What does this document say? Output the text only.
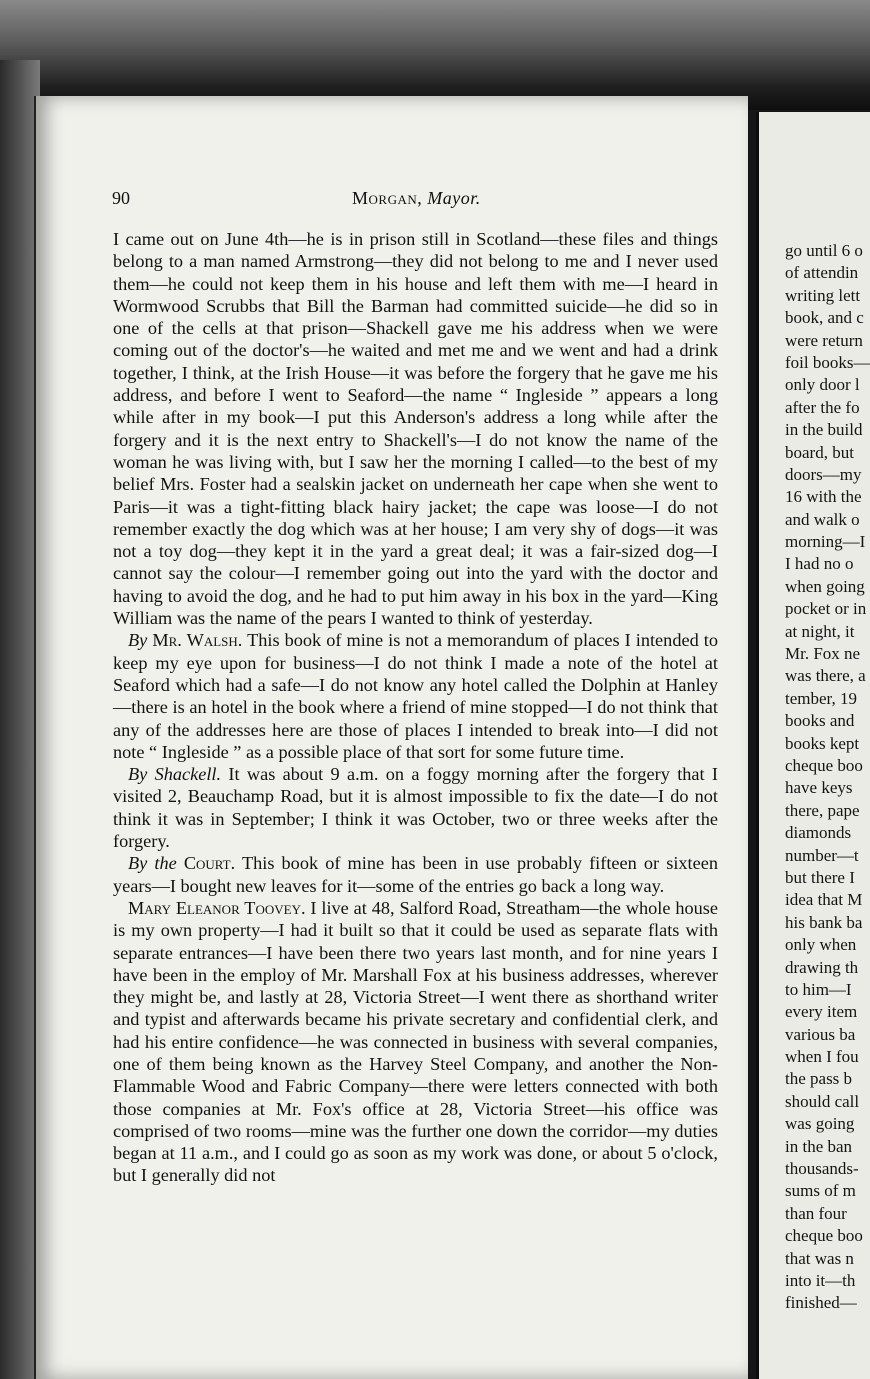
90	Morgan, Mayor.

I came out on June 4th—he is in prison still in Scotland—these files and things belong to a man named Armstrong—they did not belong to me and I never used them—he could not keep them in his house and left them with me—I heard in Wormwood Scrubbs that Bill the Barman had committed suicide—he did so in one of the cells at that prison—Shackell gave me his address when we were coming out of the doctor's—he waited and met me and we went and had a drink together, I think, at the Irish House—it was before the forgery that he gave me his address, and before I went to Seaford—the name “ Ingleside ” appears a long while after in my book—I put this Anderson's address a long while after the forgery and it is the next entry to Shackell's—I do not know the name of the woman he was living with, but I saw her the morning I called—to the best of my belief Mrs. Foster had a sealskin jacket on underneath her cape when she went to Paris—it was a tight-fitting black hairy jacket; the cape was loose—I do not remember exactly the dog which was at her house; I am very shy of dogs—it was not a toy dog—they kept it in the yard a great deal; it was a fair-sized dog—I cannot say the colour—I remember going out into the yard with the doctor and having to avoid the dog, and he had to put him away in his box in the yard—King William was the name of the pears I wanted to think of yesterday.

By Mr. Walsh. This book of mine is not a memorandum of places I intended to keep my eye upon for business—I do not think I made a note of the hotel at Seaford which had a safe—I do not know any hotel called the Dolphin at Hanley—there is an hotel in the book where a friend of mine stopped—I do not think that any of the addresses here are those of places I intended to break into—I did not note “ Ingleside ” as a possible place of that sort for some future time.

By Shackell. It was about 9 a.m. on a foggy morning after the forgery that I visited 2, Beauchamp Road, but it is almost impossible to fix the date—I do not think it was in September; I think it was October, two or three weeks after the forgery.

By the Court. This book of mine has been in use probably fifteen or sixteen years—I bought new leaves for it—some of the entries go back a long way.

Mary Eleanor Toovey. I live at 48, Salford Road, Streatham—the whole house is my own property—I had it built so that it could be used as separate flats with separate entrances—I have been there two years last month, and for nine years I have been in the employ of Mr. Marshall Fox at his business addresses, wherever they might be, and lastly at 28, Victoria Street—I went there as shorthand writer and typist and afterwards became his private secretary and confidential clerk, and had his entire confidence—he was connected in business with several companies, one of them being known as the Harvey Steel Company, and another the Non-Flammable Wood and Fabric Company—there were letters connected with both those companies at Mr. Fox's office at 28, Victoria Street—his office was comprised of two rooms—mine was the further one down the corridor—my duties began at 11 a.m., and I could go as soon as my work was done, or about 5 o'clock, but I generally did not

go until 6 o
of attendin
writing lett
book, and c
were return
foil books—
only door l
after the fo
in the build
board, but
doors—my
16 with the
and walk o
morning—I
I had no o
when going
pocket or in
at night, it
Mr. Fox ne
was there, a
tember, 19
books and
books kept
cheque boo
have keys
there, pape
diamonds
number—t
but there I
idea that M
his bank ba
only when
drawing th
to him—I
every item
various ba
when I fou
the pass b
should call
was going
in the ban
thousands-
sums of m
than four
cheque boo
that was n
into it—th
finished—
